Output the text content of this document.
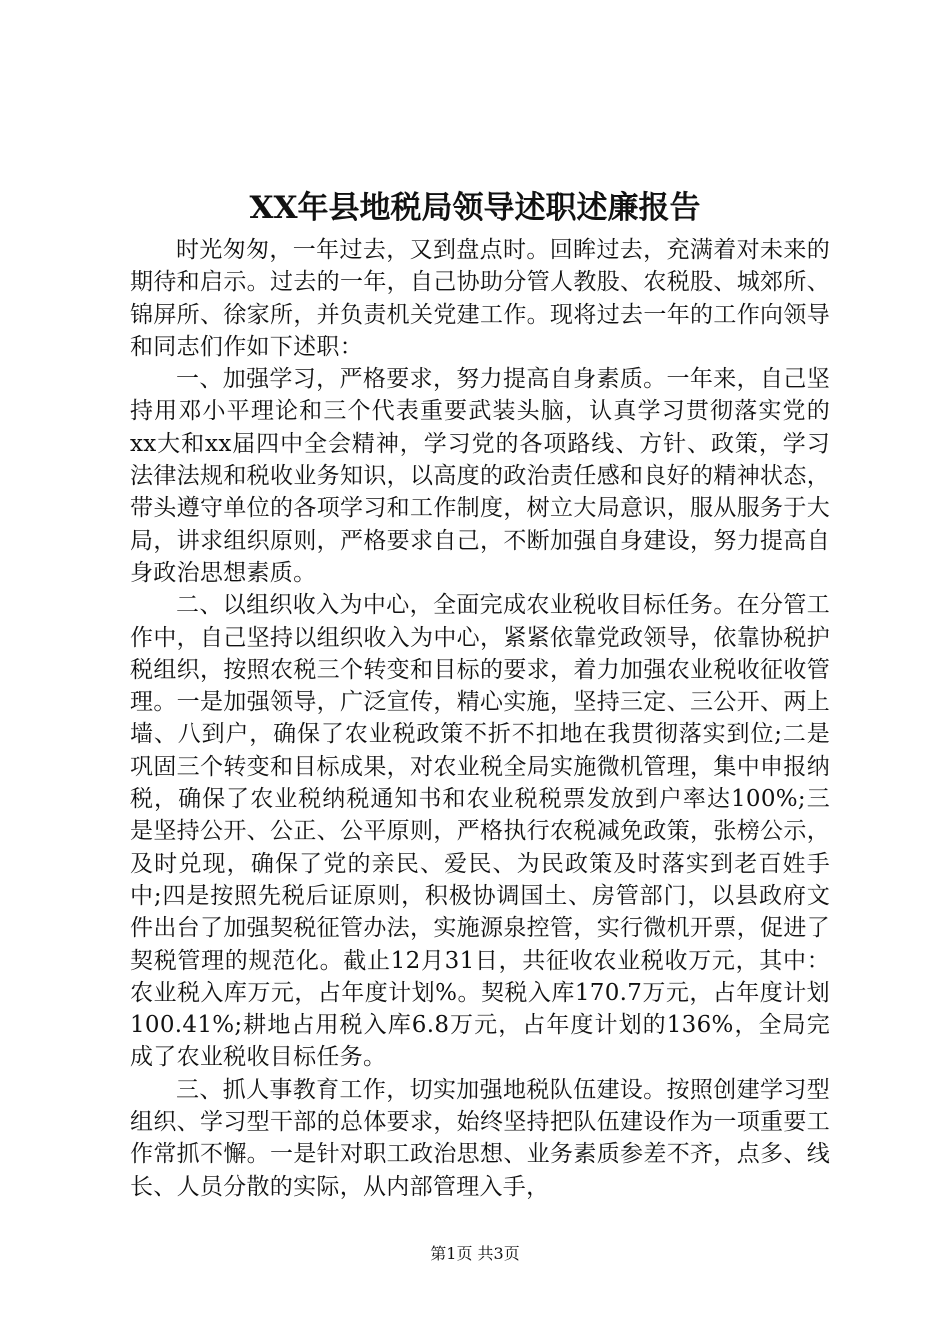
XX年县地税局领导述职述廉报告

时光匆匆，一年过去，又到盘点时。回眸过去，充满着对未来的期待和启示。过去的一年，自己协助分管人教股、农税股、城郊所、锦屏所、徐家所，并负责机关党建工作。现将过去一年的工作向领导和同志们作如下述职：

一、加强学习，严格要求，努力提高自身素质。一年来，自己坚持用邓小平理论和三个代表重要武装头脑，认真学习贯彻落实党的xx大和xx届四中全会精神，学习党的各项路线、方针、政策，学习法律法规和税收业务知识，以高度的政治责任感和良好的精神状态，带头遵守单位的各项学习和工作制度，树立大局意识，服从服务于大局，讲求组织原则，严格要求自己，不断加强自身建设，努力提高自身政治思想素质。

二、以组织收入为中心，全面完成农业税收目标任务。在分管工作中，自己坚持以组织收入为中心，紧紧依靠党政领导，依靠协税护税组织，按照农税三个转变和目标的要求，着力加强农业税收征收管理。一是加强领导，广泛宣传，精心实施，坚持三定、三公开、两上墙、八到户，确保了农业税政策不折不扣地在我贯彻落实到位;二是巩固三个转变和目标成果，对农业税全局实施微机管理，集中申报纳税，确保了农业税纳税通知书和农业税税票发放到户率达100%;三是坚持公开、公正、公平原则，严格执行农税减免政策，张榜公示，及时兑现，确保了党的亲民、爱民、为民政策及时落实到老百姓手中;四是按照先税后证原则，积极协调国土、房管部门，以县政府文件出台了加强契税征管办法，实施源泉控管，实行微机开票，促进了契税管理的规范化。截止12月31日，共征收农业税收万元，其中：农业税入库万元，占年度计划%。契税入库170.7万元，占年度计划100.41%;耕地占用税入库6.8万元，占年度计划的136%，全局完成了农业税收目标任务。

三、抓人事教育工作，切实加强地税队伍建设。按照创建学习型组织、学习型干部的总体要求，始终坚持把队伍建设作为一项重要工作常抓不懈。一是针对职工政治思想、业务素质参差不齐，点多、线长、人员分散的实际，从内部管理入手，

第1页 共3页
